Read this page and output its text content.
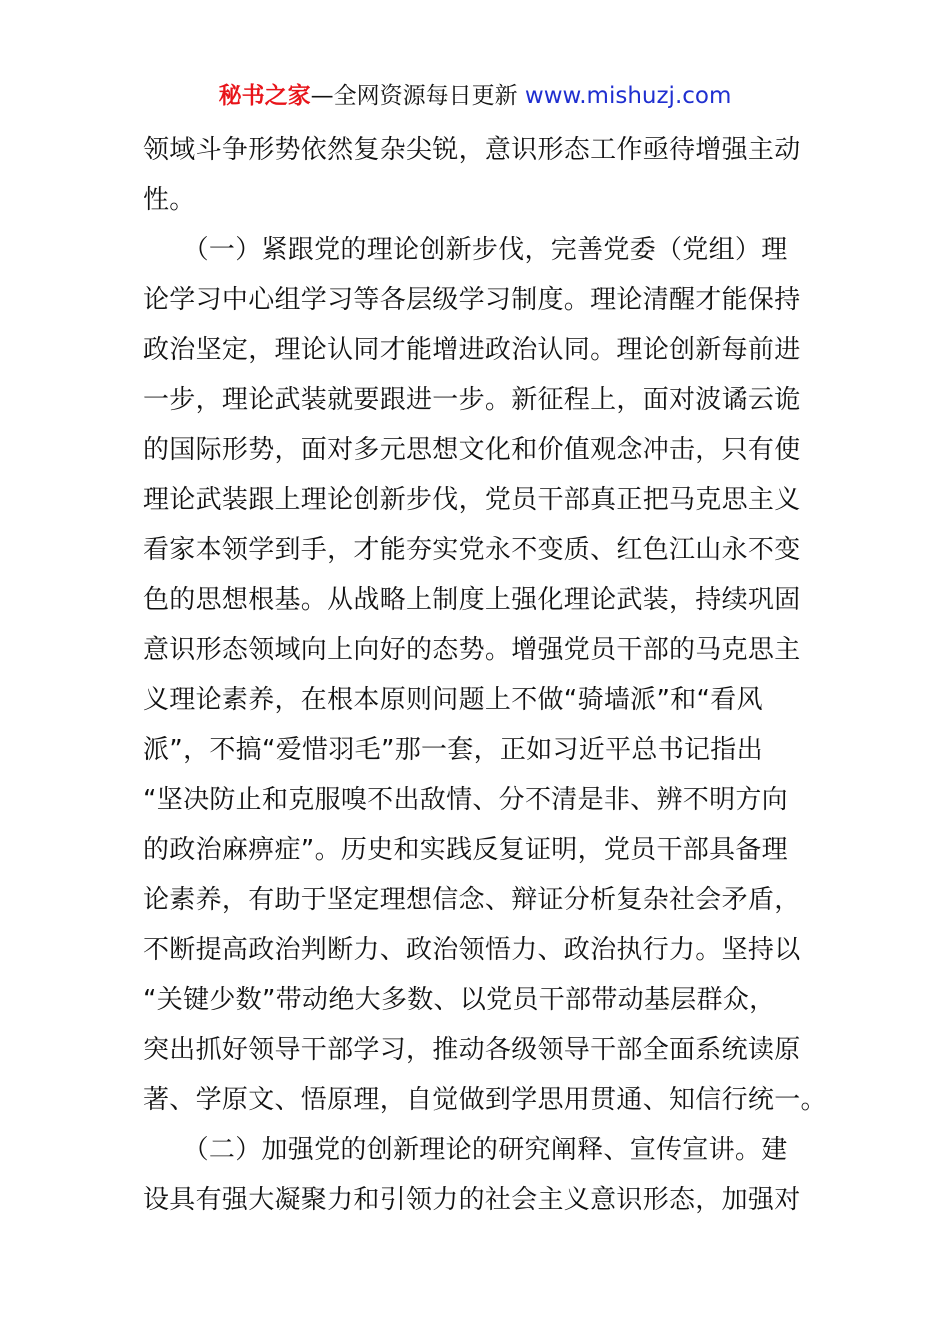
秘书之家—全网资源每日更新 www.mishuzj.com
领域斗争形势依然复杂尖锐，意识形态工作亟待增强主动
性。
　　（一）紧跟党的理论创新步伐，完善党委（党组）理
论学习中心组学习等各层级学习制度。理论清醒才能保持
政治坚定，理论认同才能增进政治认同。理论创新每前进
一步，理论武装就要跟进一步。新征程上，面对波谲云诡
的国际形势，面对多元思想文化和价值观念冲击，只有使
理论武装跟上理论创新步伐，党员干部真正把马克思主义
看家本领学到手，才能夯实党永不变质、红色江山永不变
色的思想根基。从战略上制度上强化理论武装，持续巩固
意识形态领域向上向好的态势。增强党员干部的马克思主
义理论素养，在根本原则问题上不做“骑墙派”和“看风
派”，不搞“爱惜羽毛”那一套，正如习近平总书记指出
“坚决防止和克服嗅不出敌情、分不清是非、辨不明方向
的政治麻痹症”。历史和实践反复证明，党员干部具备理
论素养，有助于坚定理想信念、辩证分析复杂社会矛盾，
不断提高政治判断力、政治领悟力、政治执行力。坚持以
“关键少数”带动绝大多数、以党员干部带动基层群众，
突出抓好领导干部学习，推动各级领导干部全面系统读原
著、学原文、悟原理，自觉做到学思用贯通、知信行统一。
　　（二）加强党的创新理论的研究阐释、宣传宣讲。建
设具有强大凝聚力和引领力的社会主义意识形态，加强对
